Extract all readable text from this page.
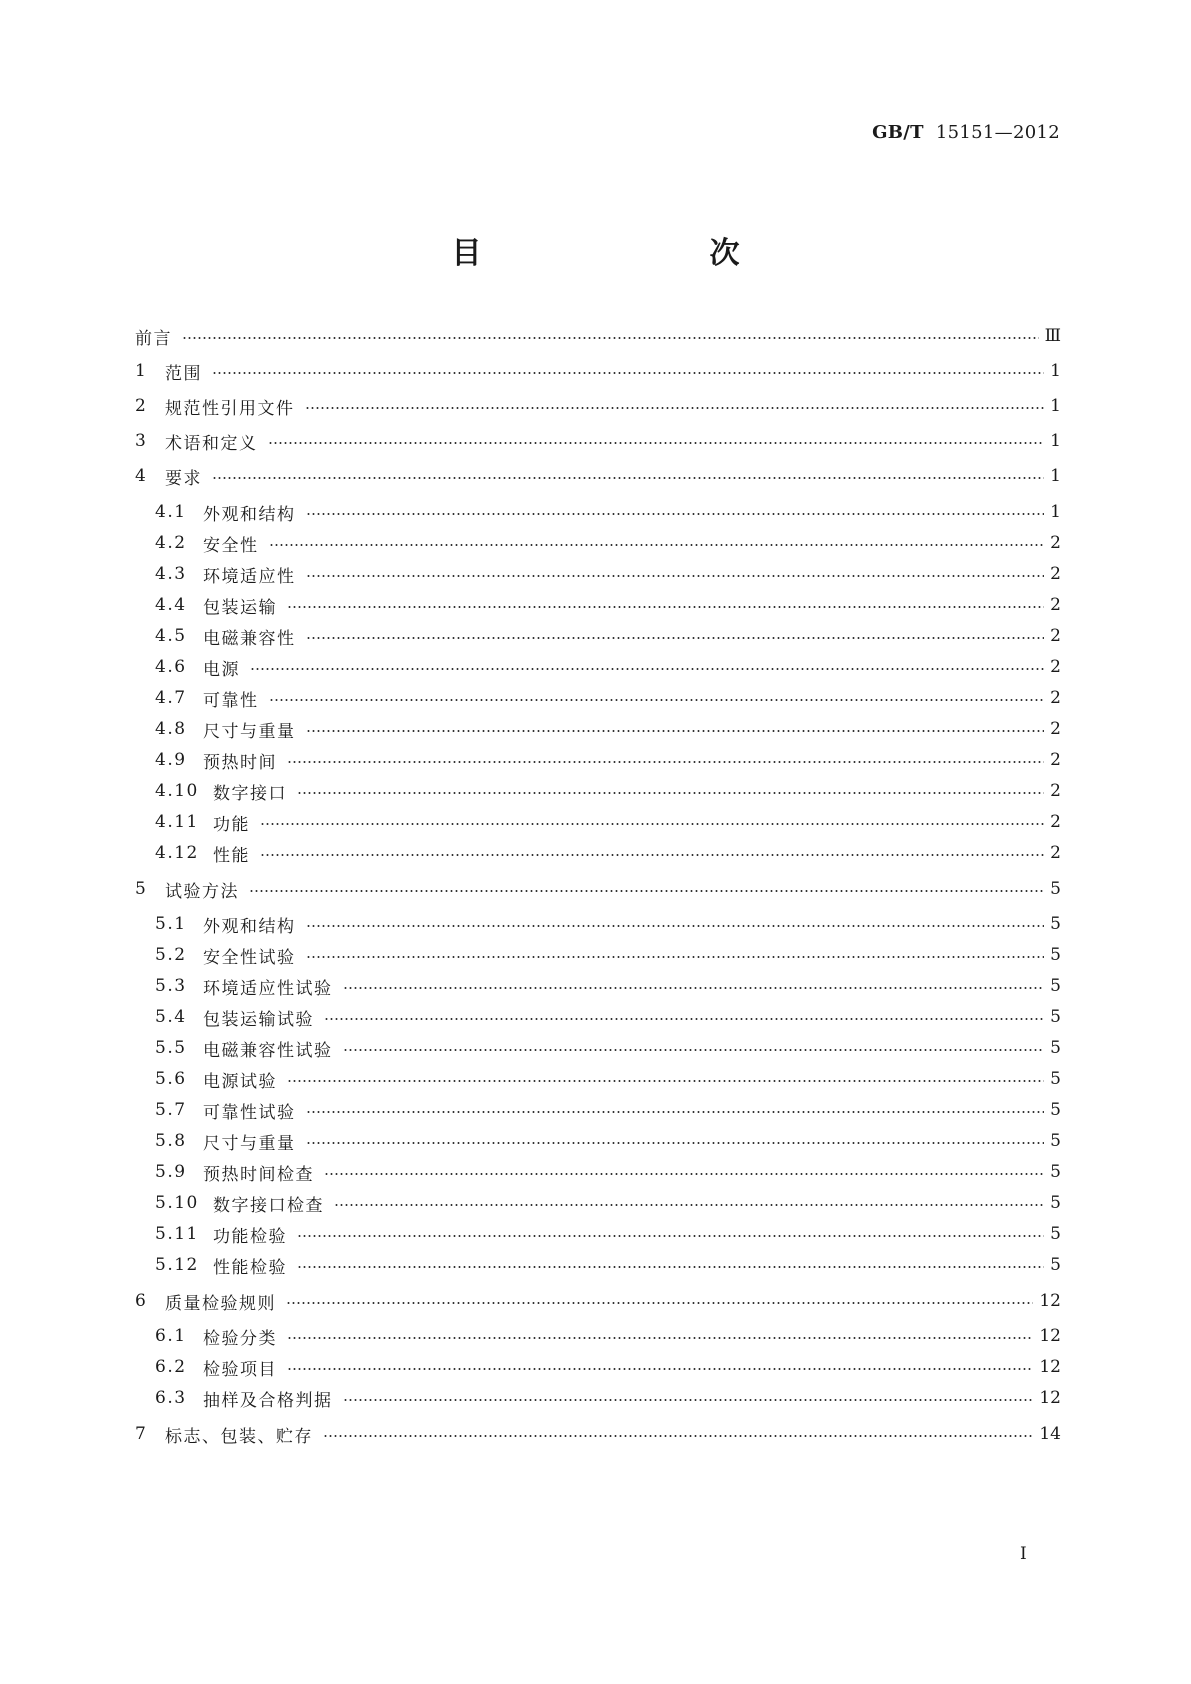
GB/T 15151—2012
目　　次
前言	Ⅲ
1	范围	1
2	规范性引用文件	1
3	术语和定义	1
4	要求	1
4.1 外观和结构	1
4.2 安全性	2
4.3 环境适应性	2
4.4 包装运输	2
4.5 电磁兼容性	2
4.6 电源	2
4.7 可靠性	2
4.8 尺寸与重量	2
4.9 预热时间	2
4.10 数字接口	2
4.11 功能	2
4.12 性能	2
5	试验方法	5
5.1 外观和结构	5
5.2 安全性试验	5
5.3 环境适应性试验	5
5.4 包装运输试验	5
5.5 电磁兼容性试验	5
5.6 电源试验	5
5.7 可靠性试验	5
5.8 尺寸与重量	5
5.9 预热时间检查	5
5.10 数字接口检查	5
5.11 功能检验	5
5.12 性能检验	5
6	质量检验规则	12
6.1 检验分类	12
6.2 检验项目	12
6.3 抽样及合格判据	12
7	标志、包装、贮存	14
Ⅰ
